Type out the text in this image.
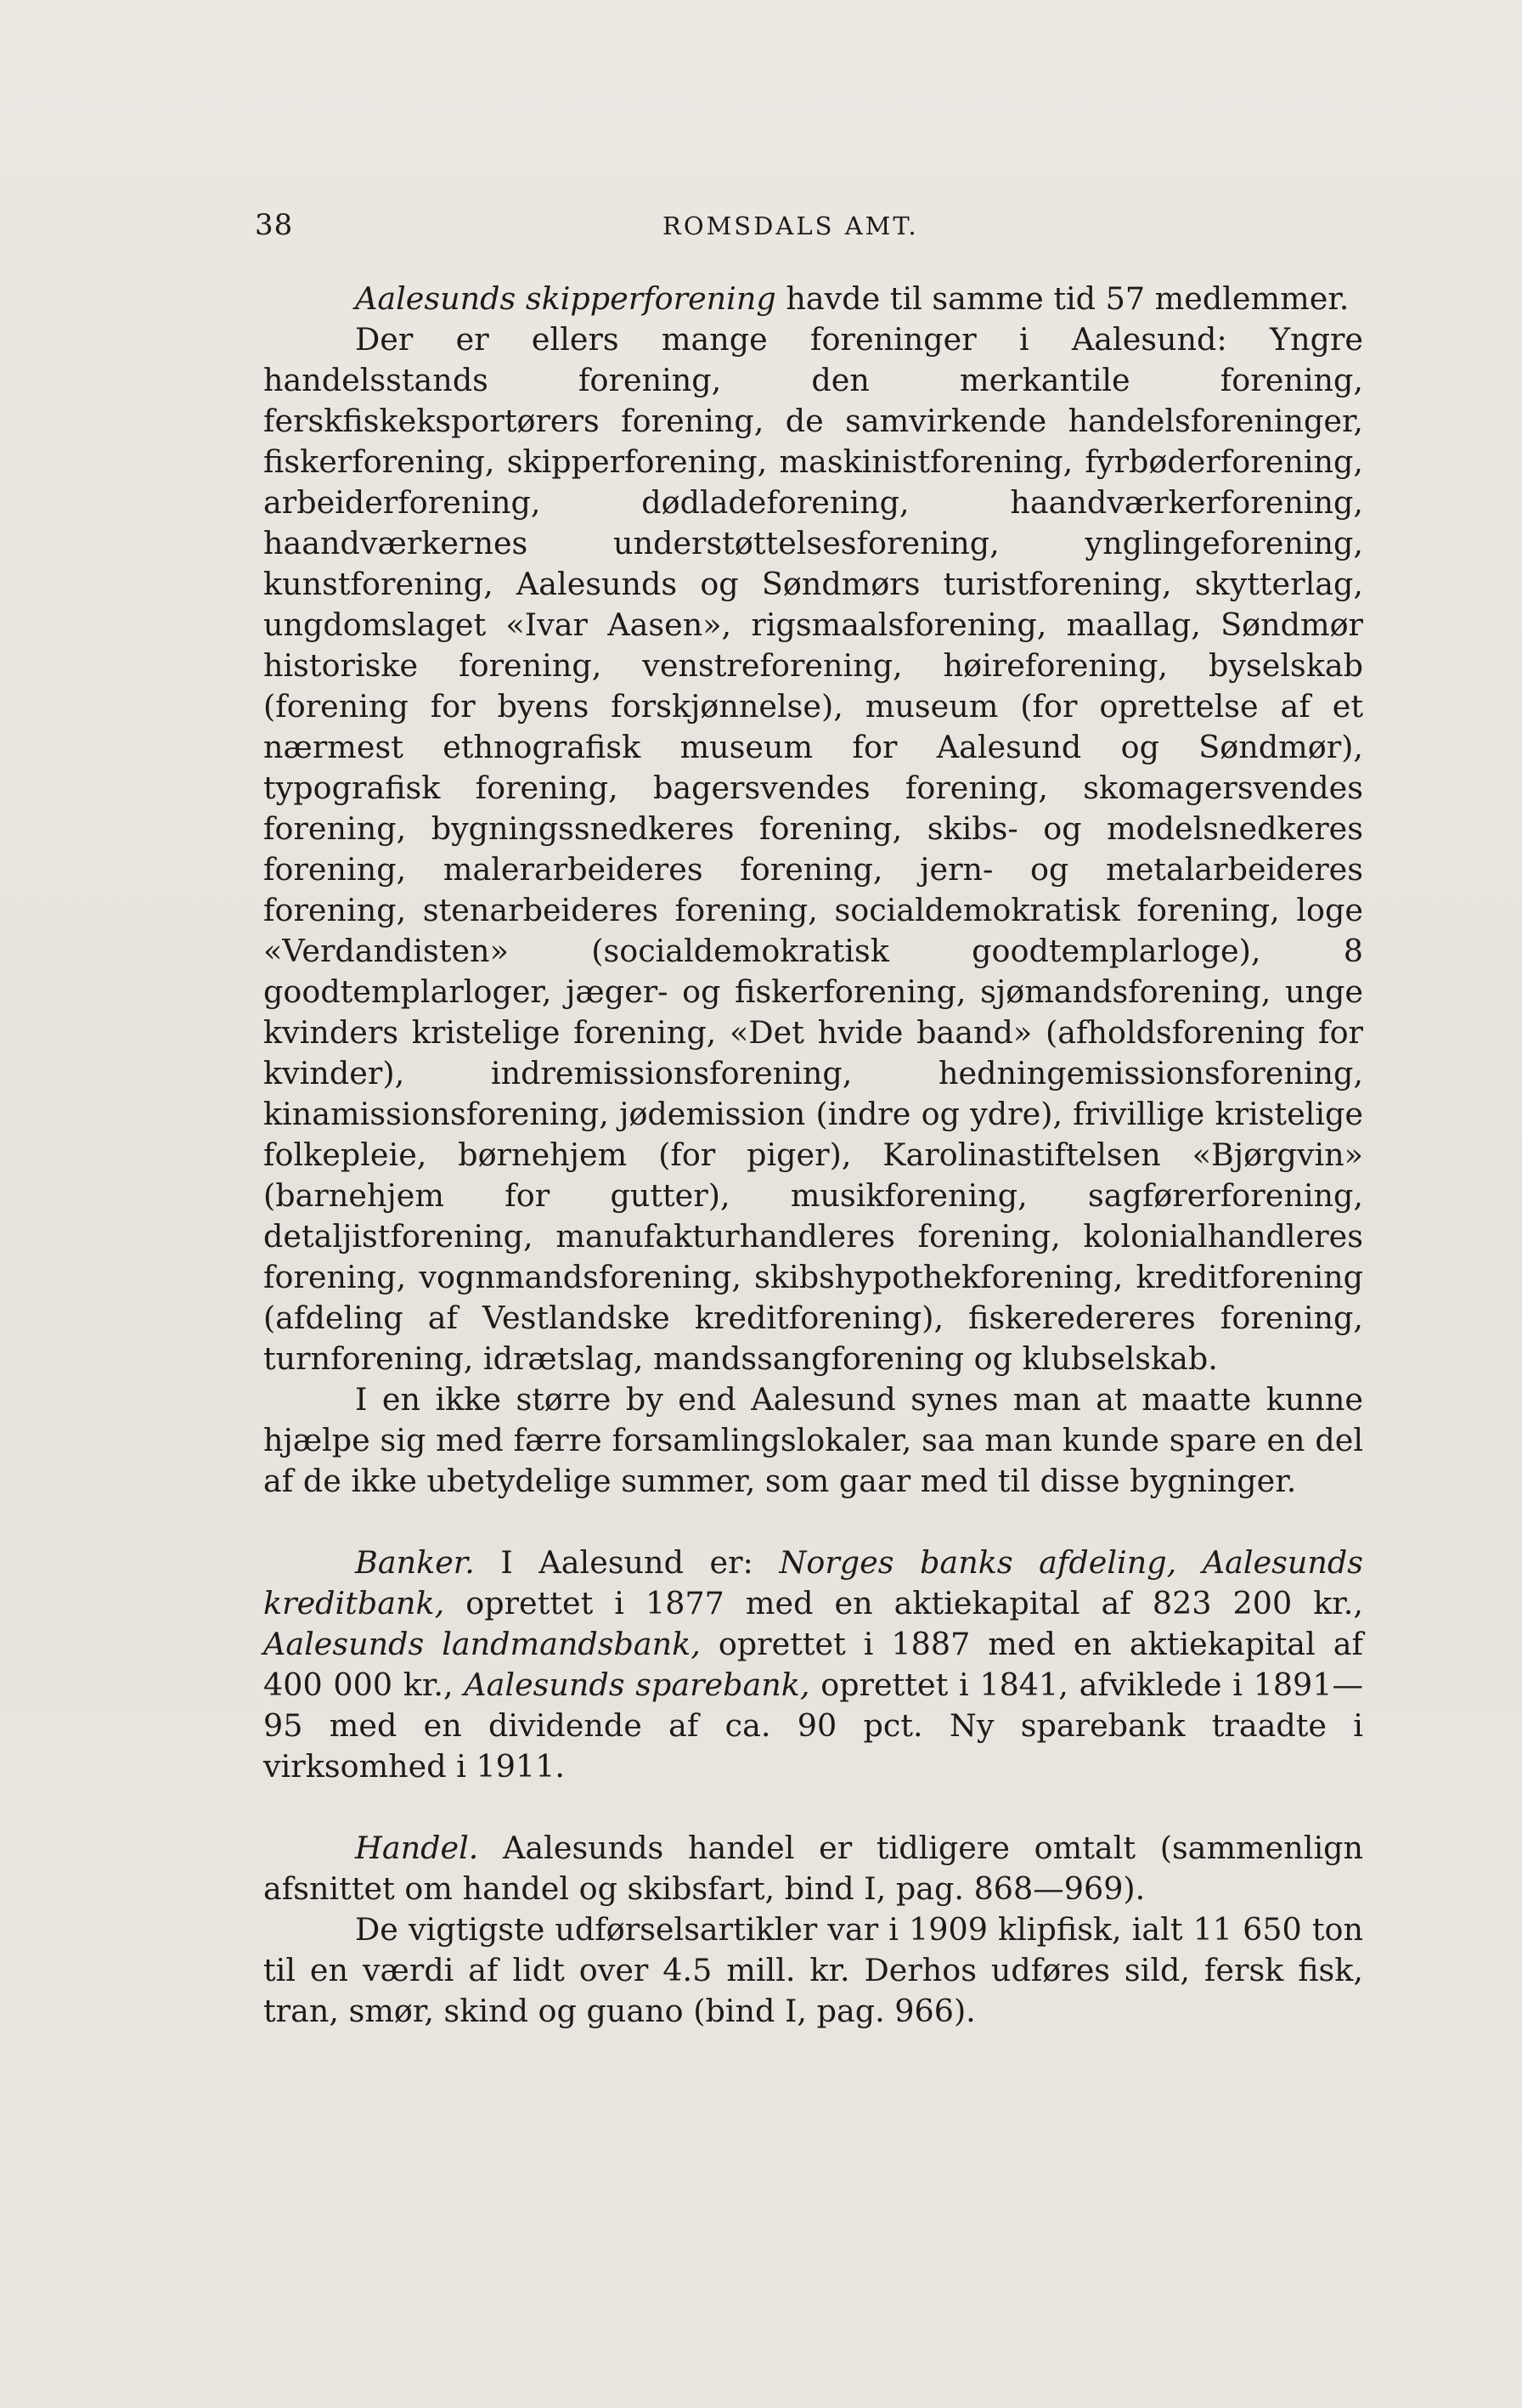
38	ROMSDALS AMT.

Aalesunds skipperforening havde til samme tid 57 medlemmer.

Der er ellers mange foreninger i Aalesund: Yngre handelsstands forening, den merkantile forening, ferskfiskeksportørers forening, de samvirkende handelsforeninger, fiskerforening, skipperforening, maskinistforening, fyrbøderforening, arbeiderforening, dødladeforening, haandværkerforening, haandværkernes understøttelsesforening, ynglingeforening, kunstforening, Aalesunds og Søndmørs turistforening, skytterlag, ungdomslaget «Ivar Aasen», rigsmaalsforening, maallag, Søndmør historiske forening, venstreforening, høireforening, byselskab (forening for byens forskjønnelse), museum (for oprettelse af et nærmest ethnografisk museum for Aalesund og Søndmør), typografisk forening, bagersvendes forening, skomagersvendes forening, bygningssnedkeres forening, skibs- og modelsnedkeres forening, malerarbeideres forening, jern- og metalarbeideres forening, stenarbeideres forening, socialdemokratisk forening, loge «Verdandisten» (socialdemokratisk goodtemplarloge), 8 goodtemplarloger, jæger- og fiskerforening, sjømandsforening, unge kvinders kristelige forening, «Det hvide baand» (afholdsforening for kvinder), indremissionsforening, hedningemissionsforening, kinamissionsforening, jødemission (indre og ydre), frivillige kristelige folkepleie, børnehjem (for piger), Karolinastiftelsen «Bjørgvin» (barnehjem for gutter), musikforening, sagførerforening, detaljistforening, manufakturhandleres forening, kolonialhandleres forening, vognmandsforening, skibshypothekforening, kreditforening (afdeling af Vestlandske kreditforening), fiskeredereres forening, turnforening, idrætslag, mandssangforening og klubselskab.

I en ikke større by end Aalesund synes man at maatte kunne hjælpe sig med færre forsamlingslokaler, saa man kunde spare en del af de ikke ubetydelige summer, som gaar med til disse bygninger.

Banker. I Aalesund er: Norges banks afdeling, Aalesunds kreditbank, oprettet i 1877 med en aktiekapital af 823 200 kr., Aalesunds landmandsbank, oprettet i 1887 med en aktiekapital af 400 000 kr., Aalesunds sparebank, oprettet i 1841, afviklede i 1891—95 med en dividende af ca. 90 pct. Ny sparebank traadte i virksomhed i 1911.

Handel. Aalesunds handel er tidligere omtalt (sammenlign afsnittet om handel og skibsfart, bind I, pag. 868—969).

De vigtigste udførselsartikler var i 1909 klipfisk, ialt 11 650 ton til en værdi af lidt over 4.5 mill. kr. Derhos udføres sild, fersk fisk, tran, smør, skind og guano (bind I, pag. 966).
